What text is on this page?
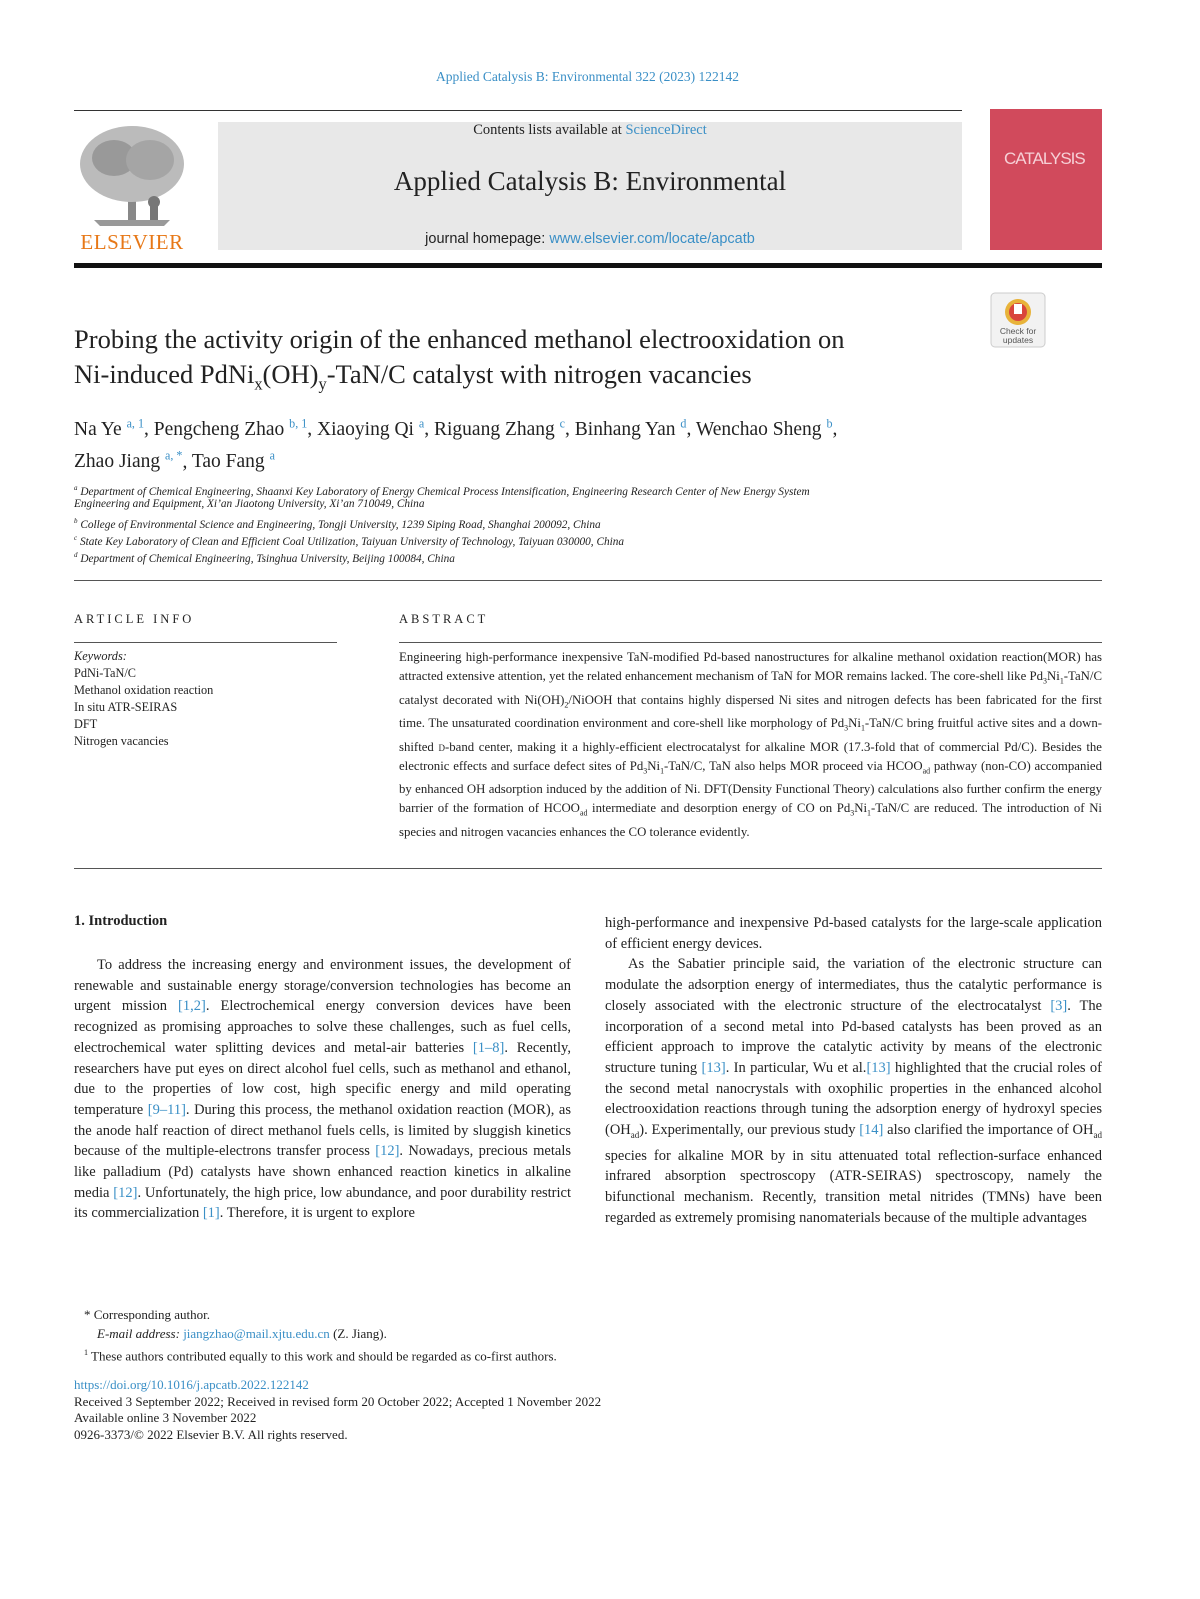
Applied Catalysis B: Environmental 322 (2023) 122142
ELSEVIER
Contents lists available at ScienceDirect
Applied Catalysis B: Environmental
journal homepage: www.elsevier.com/locate/apcatb
CATALYSIS
Check for updates
Probing the activity origin of the enhanced methanol electrooxidation on
Ni-induced $PdNi_x(OH)_y-TaN/C$ catalyst with nitrogen vacancies
Na Ye $^{a, 1}$, Pengcheng Zhao $^{b, 1}$, Xiaoying Qi $^a$, Riguang Zhang $^c$, Binhang Yan $^d$, Wenchao Sheng $^b$,
Zhao Jiang $^{a, *}$, Tao Fang $^a$
$^a$ Department of Chemical Engineering, Shaanxi Key Laboratory of Energy Chemical Process Intensification, Engineering Research Center of New Energy System
Engineering and Equipment, Xi’an Jiaotong University, Xi’an 710049, China
$^b$ College of Environmental Science and Engineering, Tongji University, 1239 Siping Road, Shanghai 200092, China
$^c$ State Key Laboratory of Clean and Efficient Coal Utilization, Taiyuan University of Technology, Taiyuan 030000, China
$^d$ Department of Chemical Engineering, Tsinghua University, Beijing 100084, China
ARTICLE INFO	ABSTRACT
Keywords:
PdNi-TaN/C
Methanol oxidation reaction
In situ ATR-SEIRAS
DFT
Nitrogen vacancies
Engineering high-performance inexpensive TaN-modified Pd-based nanostructures for alkaline methanol oxidation reaction(MOR) has attracted extensive attention, yet the related enhancement mechanism of TaN for MOR remains lacked. The core-shell like $Pd_3Ni_1-TaN/C$ catalyst decorated with $Ni(OH)_2$/NiOOH that contains highly dispersed Ni sites and nitrogen defects has been fabricated for the first time. The unsaturated coordination environment and core-shell like morphology of $Pd_3Ni_1-TaN/C$ bring fruitful active sites and a down-shifted d-band center, making it a highly-efficient electrocatalyst for alkaline MOR (17.3-fold that of commercial Pd/C). Besides the electronic effects and surface defect sites of $Pd_3Ni_1-TaN/C$, TaN also helps MOR proceed via $HCOO_{ad}$ pathway (non-CO) accompanied by enhanced OH adsorption induced by the addition of Ni. DFT(Density Functional Theory) calculations also further confirm the energy barrier of the formation of $HCOO_{ad}$ intermediate and desorption energy of CO on $Pd_3Ni_1-TaN/C$ are reduced. The introduction of Ni species and nitrogen vacancies enhances the CO tolerance evidently.
1. Introduction

To address the increasing energy and environment issues, the development of renewable and sustainable energy storage/conversion technologies has become an urgent mission [1,2]. Electrochemical energy conversion devices have been recognized as promising approaches to solve these challenges, such as fuel cells, electrochemical water splitting devices and metal-air batteries [1–8]. Recently, researchers have put eyes on direct alcohol fuel cells, such as methanol and ethanol, due to the properties of low cost, high specific energy and mild operating temperature [9–11]. During this process, the methanol oxidation reaction (MOR), as the anode half reaction of direct methanol fuels cells, is limited by sluggish kinetics because of the multiple-electrons transfer process [12]. Nowadays, precious metals like palladium (Pd) catalysts have shown enhanced reaction kinetics in alkaline media [12]. Unfortunately, the high price, low abundance, and poor durability restrict its commercialization [1]. Therefore, it is urgent to explore

high-performance and inexpensive Pd-based catalysts for the large-scale application of efficient energy devices.

As the Sabatier principle said, the variation of the electronic structure can modulate the adsorption energy of intermediates, thus the catalytic performance is closely associated with the electronic structure of the electrocatalyst [3]. The incorporation of a second metal into Pd-based catalysts has been proved as an efficient approach to improve the catalytic activity by means of the electronic structure tuning [13]. In particular, Wu et al.[13] highlighted that the crucial roles of the second metal nanocrystals with oxophilic properties in the enhanced alcohol electrooxidation reactions through tuning the adsorption energy of hydroxyl species $(OH_{ad})$. Experimentally, our previous study [14] also clarified the importance of $OH_{ad}$ species for alkaline MOR by in situ attenuated total reflection-surface enhanced infrared absorption spectroscopy (ATR-SEIRAS) spectroscopy, namely the bifunctional mechanism. Recently, transition metal nitrides (TMNs) have been regarded as extremely promising nanomaterials because of the multiple advantages

* Corresponding author.
E-mail address: jiangzhao@mail.xjtu.edu.cn (Z. Jiang).
$^1$ These authors contributed equally to this work and should be regarded as co-first authors.
https://doi.org/10.1016/j.apcatb.2022.122142
Received 3 September 2022; Received in revised form 20 October 2022; Accepted 1 November 2022
Available online 3 November 2022
0926-3373/© 2022 Elsevier B.V. All rights reserved.
